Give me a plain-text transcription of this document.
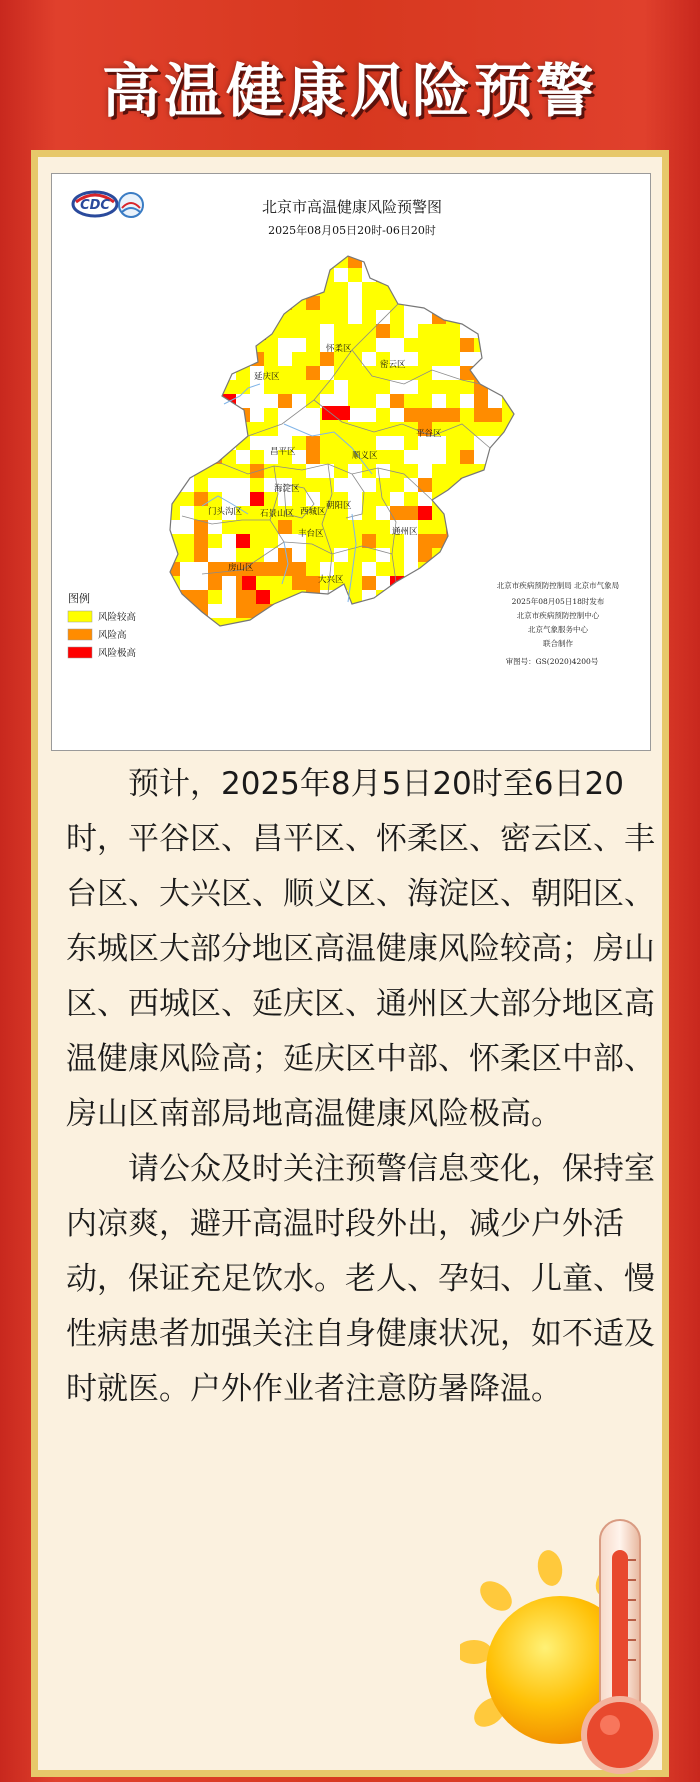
高温健康风险预警
CDC	北京市高温健康风险预警图
2025年08月05日20时-06日20时
怀柔区
密云区
延庆区
平谷区
昌平区	顺义区
海淀区
门头沟区 石景山区 西城区
朝阳区
丰台区	通州区
房山区
大兴区
图例
风险较高
风险高
风险极高
北京市疾病预防控制局 北京市气象局
2025年08月05日18时发布
北京市疾病预防控制中心
北京气象服务中心
联合制作
审图号：GS(2020)4200号

预计，2025年8月5日20时至6日20时，平谷区、昌平区、怀柔区、密云区、丰台区、大兴区、顺义区、海淀区、朝阳区、东城区大部分地区高温健康风险较高；房山区、西城区、延庆区、通州区大部分地区高温健康风险高；延庆区中部、怀柔区中部、房山区南部局地高温健康风险极高。

请公众及时关注预警信息变化，保持室内凉爽，避开高温时段外出，减少户外活动，保证充足饮水。老人、孕妇、儿童、慢性病患者加强关注自身健康状况，如不适及时就医。户外作业者注意防暑降温。
